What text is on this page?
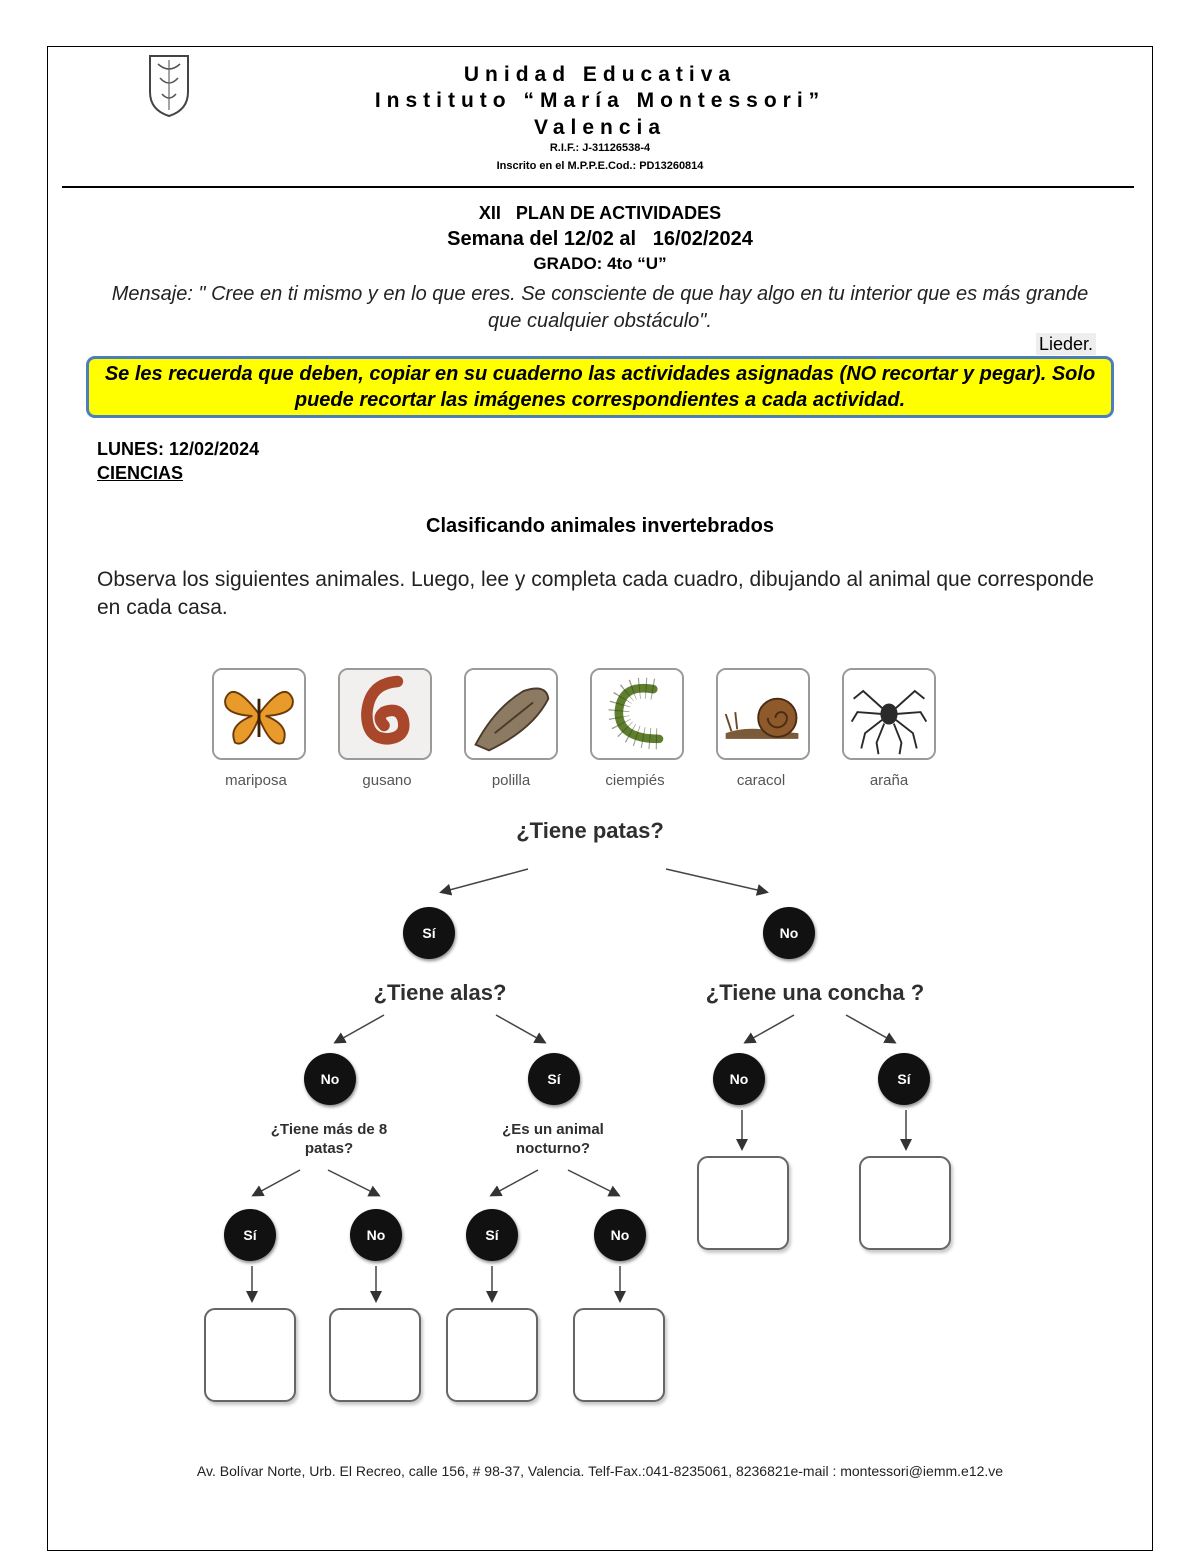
Unidad Educativa
Instituto “María Montessori”
Valencia
R.I.F.: J-31126538-4
Inscrito en el M.P.P.E.Cod.: PD13260814
XII   PLAN DE ACTIVIDADES
Semana del 12/02 al   16/02/2024
GRADO: 4to “U”
Mensaje: " Cree en ti mismo y en lo que eres. Se consciente de que hay algo en tu interior que es más grande que cualquier obstáculo".
Lieder.
Se les recuerda que deben, copiar en su cuaderno las actividades asignadas (NO recortar y pegar). Solo puede recortar las imágenes correspondientes a cada actividad.
LUNES: 12/02/2024
CIENCIAS
Clasificando animales invertebrados
Observa los siguientes animales. Luego, lee y completa cada cuadro, dibujando al animal que corresponde en cada casa.
mariposa	gusano	polilla	ciempiés	caracol	araña
¿Tiene patas?
Sí	No
¿Tiene alas?	¿Tiene una concha ?
No	Sí	No	Sí
¿Tiene más de 8 patas?
¿Es un animal nocturno?
Sí	No	Sí	No
Av. Bolívar Norte, Urb. El Recreo, calle 156, # 98-37, Valencia. Telf-Fax.:041-8235061, 8236821e-mail : montessori@iemm.e12.ve
